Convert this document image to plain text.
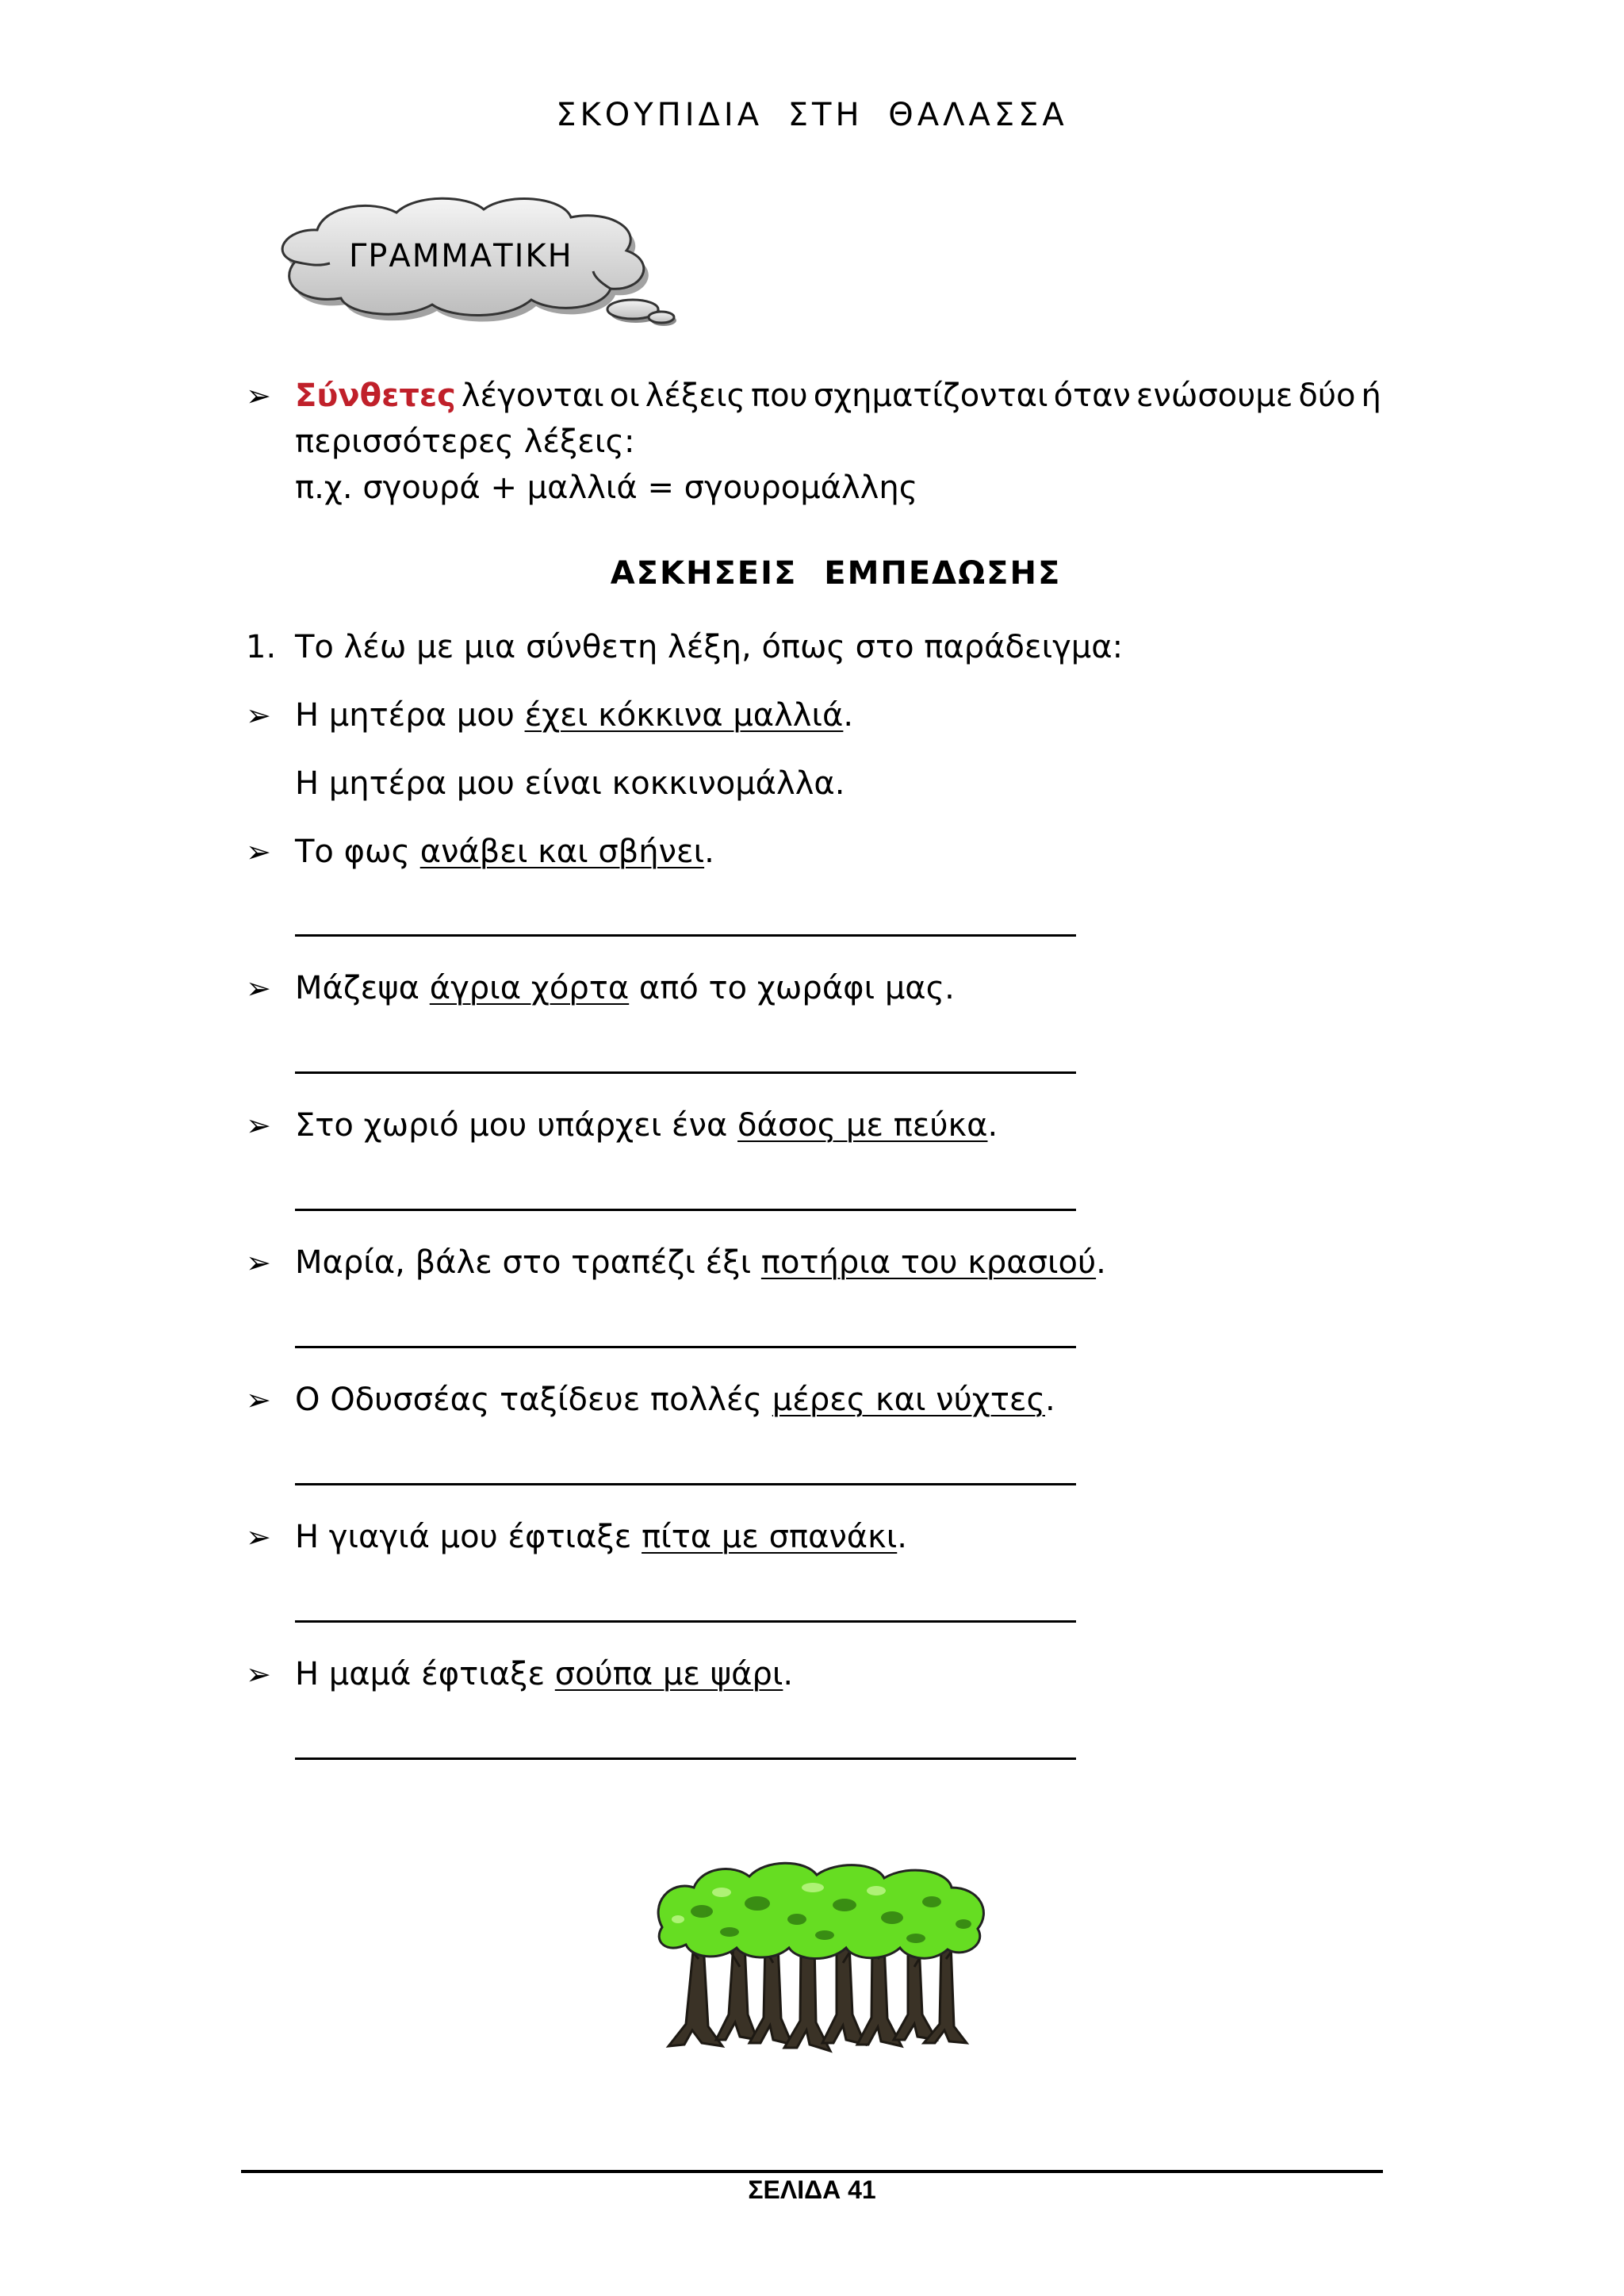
ΣΚΟΥΠΙΔΙΑ ΣΤΗ ΘΑΛΑΣΣΑ
ΓΡΑΜΜΑΤΙΚΗ
➢ Σύνθετες λέγονται οι λέξεις που σχηματίζονται όταν ενώσουμε δύο ή
περισσότερες λέξεις:
π.χ. σγουρά + μαλλιά = σγουρομάλλης
ΑΣΚΗΣΕΙΣ ΕΜΠΕΔΩΣΗΣ
1. Το λέω με μια σύνθετη λέξη, όπως στο παράδειγμα:
➢ Η μητέρα μου έχει κόκκινα μαλλιά.
Η μητέρα μου είναι κοκκινομάλλα.
➢ Το φως ανάβει και σβήνει.
➢ Μάζεψα άγρια χόρτα από το χωράφι μας.
➢ Στο χωριό μου υπάρχει ένα δάσος με πεύκα.
➢ Μαρία, βάλε στο τραπέζι έξι ποτήρια του κρασιού.
➢ Ο Οδυσσέας ταξίδευε πολλές μέρες και νύχτες.
➢ Η γιαγιά μου έφτιαξε πίτα με σπανάκι.
➢ Η μαμά έφτιαξε σούπα με ψάρι.
ΣΕΛΙΔΑ 41
